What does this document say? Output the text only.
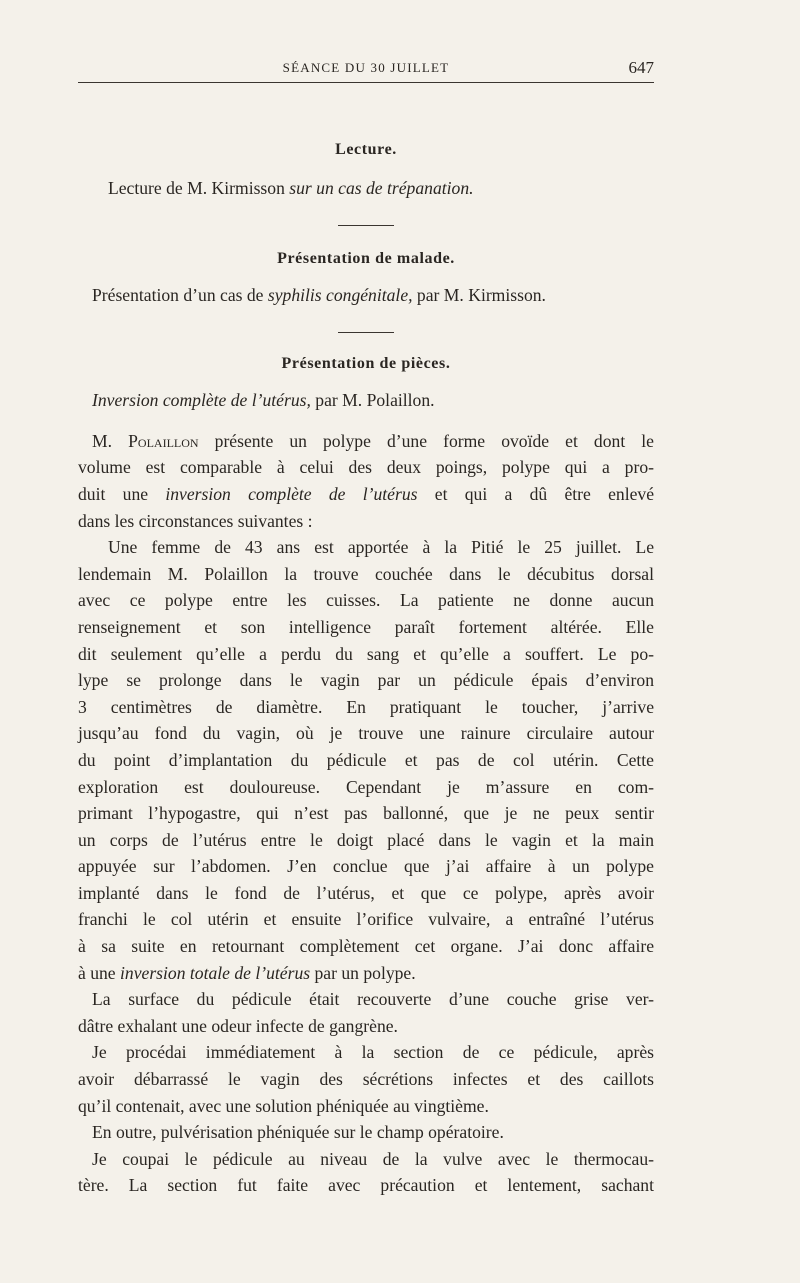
SÉANCE DU 30 JUILLET	647
Lecture.
Lecture de M. Kirmisson sur un cas de trépanation.
Présentation de malade.
Présentation d’un cas de syphilis congénitale, par M. Kirmisson.
Présentation de pièces.
Inversion complète de l’utérus, par M. Polaillon.
M. Polaillon présente un polype d’une forme ovoïde et dont le
volume est comparable à celui des deux poings, polype qui a pro-
duit une inversion complète de l’utérus et qui a dû être enlevé
dans les circonstances suivantes :
Une femme de 43 ans est apportée à la Pitié le 25 juillet. Le
lendemain M. Polaillon la trouve couchée dans le décubitus dorsal
avec ce polype entre les cuisses. La patiente ne donne aucun
renseignement et son intelligence paraît fortement altérée. Elle
dit seulement qu’elle a perdu du sang et qu’elle a souffert. Le po-
lype se prolonge dans le vagin par un pédicule épais d’environ
3 centimètres de diamètre. En pratiquant le toucher, j’arrive
jusqu’au fond du vagin, où je trouve une rainure circulaire autour
du point d’implantation du pédicule et pas de col utérin. Cette
exploration est douloureuse. Cependant je m’assure en com-
primant l’hypogastre, qui n’est pas ballonné, que je ne peux sentir
un corps de l’utérus entre le doigt placé dans le vagin et la main
appuyée sur l’abdomen. J’en conclue que j’ai affaire à un polype
implanté dans le fond de l’utérus, et que ce polype, après avoir
franchi le col utérin et ensuite l’orifice vulvaire, a entraîné l’utérus
à sa suite en retournant complètement cet organe. J’ai donc affaire
à une inversion totale de l’utérus par un polype.
La surface du pédicule était recouverte d’une couche grise ver-
dâtre exhalant une odeur infecte de gangrène.
Je procédai immédiatement à la section de ce pédicule, après
avoir débarrassé le vagin des sécrétions infectes et des caillots
qu’il contenait, avec une solution phéniquée au vingtième.
En outre, pulvérisation phéniquée sur le champ opératoire.
Je coupai le pédicule au niveau de la vulve avec le thermocau-
tère. La section fut faite avec précaution et lentement, sachant
